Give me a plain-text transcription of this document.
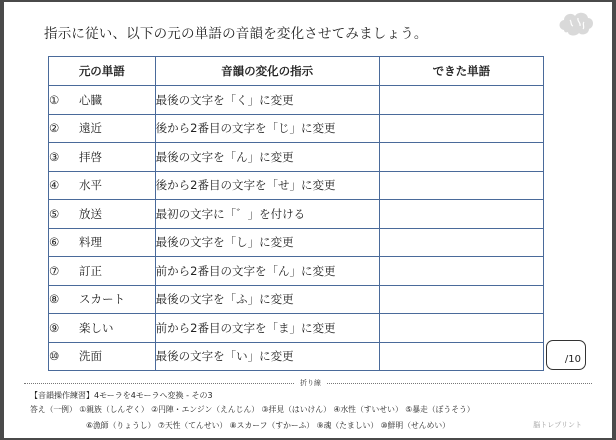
指示に従い、以下の元の単語の音韻を変化させてみましょう。
元の単語	音韻の変化の指示	できた単語
① 心臓	最後の文字を「く」に変更	
② 遠近	後から2番目の文字を「じ」に変更	
③ 拝啓	最後の文字を「ん」に変更	
④ 水平	後から2番目の文字を「せ」に変更	
⑤ 放送	最初の文字に「゛」を付ける	
⑥ 料理	最後の文字を「し」に変更	
⑦ 訂正	前から2番目の文字を「ん」に変更	
⑧ スカート	最後の文字を「ふ」に変更	
⑨ 楽しい	前から2番目の文字を「ま」に変更	
⑩ 洗面	最後の文字を「い」に変更		/10
折り線
【音韻操作練習】4モーラを4モーラへ変換 - その3
答え（一例） ①親族（しんぞく） ②円陣・エンジン（えんじん） ③拝見（はいけん） ④水性（すいせい） ⑤暴走（ぼうそう）
⑥漁師（りょうし） ⑦天性（てんせい） ⑧スカーフ（すかーふ） ⑨魂（たましい） ⑩鮮明（せんめい）	脳トレプリント
